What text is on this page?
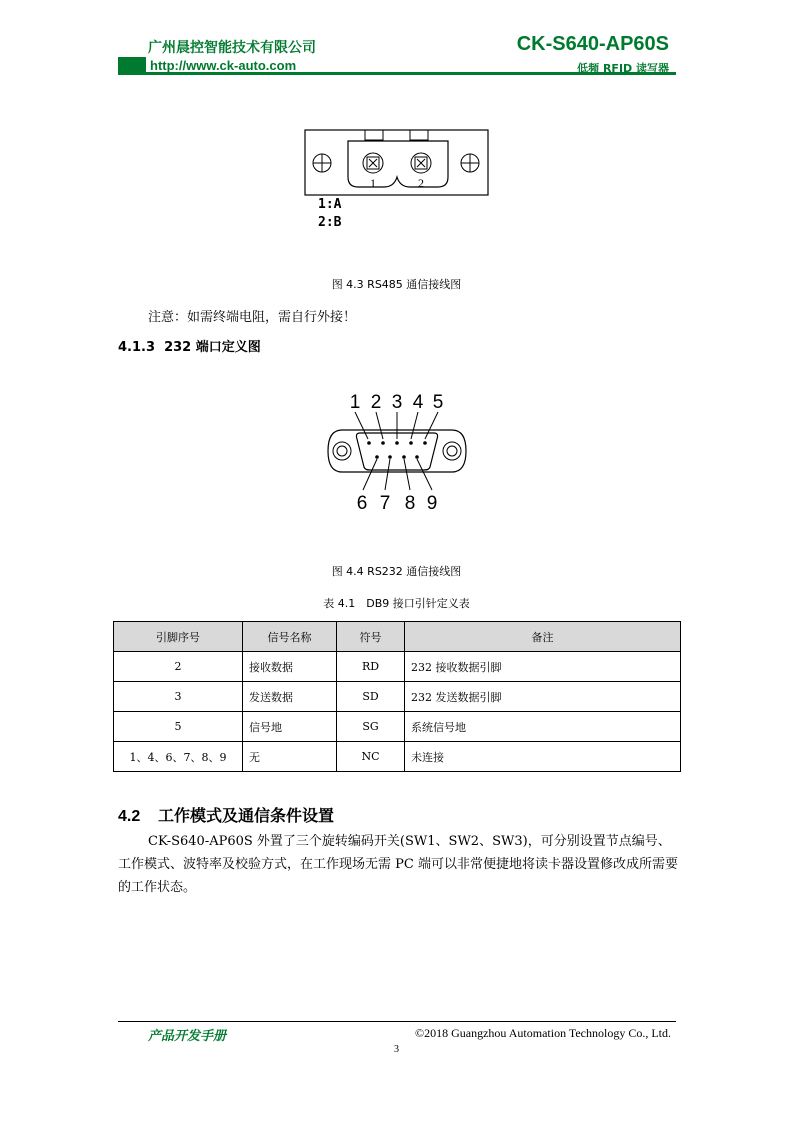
广州晨控智能技术有限公司	CK-S640-AP60S
http://www.ck-auto.com	低频 RFID 读写器
1	2
1:A
2:B
图 4.3 RS485 通信接线图
注意：如需终端电阻，需自行外接！
4.1.3 232 端口定义图
1 2 3 4 5
6 7 8 9
图 4.4 RS232 通信接线图
表 4.1　DB9 接口引针定义表
引脚序号	信号名称	符号	备注
2	接收数据	RD	232 接收数据引脚
3	发送数据	SD	232 发送数据引脚
5	信号地	SG	系统信号地
1、4、6、7、8、9	无	NC	未连接
4.2 工作模式及通信条件设置

CK-S640-AP60S 外置了三个旋转编码开关(SW1、SW2、SW3)，可分别设置节点编号、工作模式、波特率及校验方式，在工作现场无需 PC 端可以非常便捷地将读卡器设置修改成所需要的工作状态。

产品开发手册	©2018 Guangzhou Automation Technology Co., Ltd.
3
